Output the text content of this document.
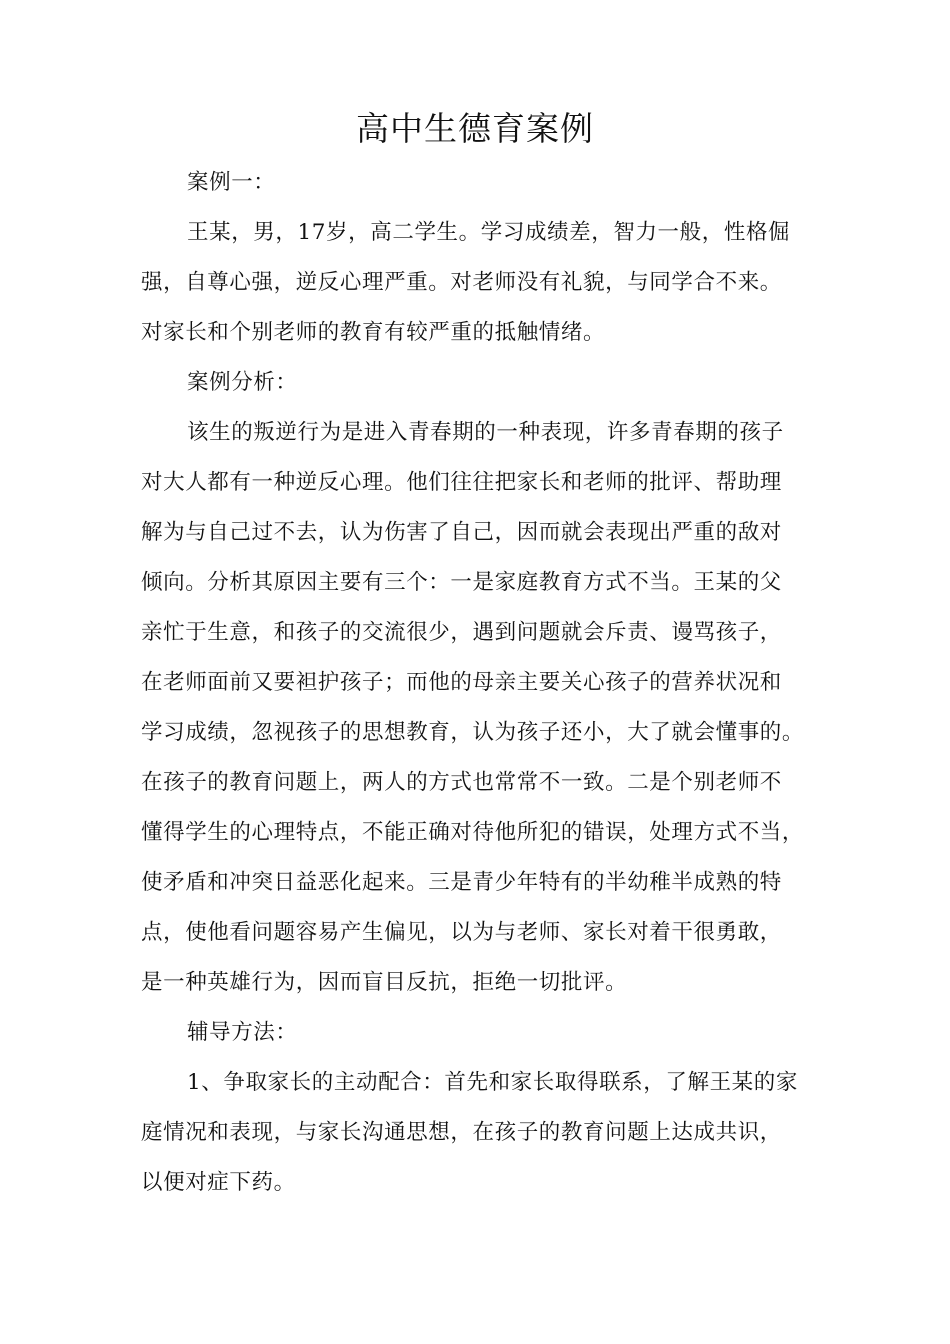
高中生德育案例
案例一：
王某，男，17岁，高二学生。学习成绩差，智力一般，性格倔
强，自尊心强，逆反心理严重。对老师没有礼貌，与同学合不来。
对家长和个别老师的教育有较严重的抵触情绪。
案例分析：
该生的叛逆行为是进入青春期的一种表现，许多青春期的孩子
对大人都有一种逆反心理。他们往往把家长和老师的批评、帮助理
解为与自己过不去，认为伤害了自己，因而就会表现出严重的敌对
倾向。分析其原因主要有三个：一是家庭教育方式不当。王某的父
亲忙于生意，和孩子的交流很少，遇到问题就会斥责、谩骂孩子，
在老师面前又要袒护孩子；而他的母亲主要关心孩子的营养状况和
学习成绩，忽视孩子的思想教育，认为孩子还小，大了就会懂事的。
在孩子的教育问题上，两人的方式也常常不一致。二是个别老师不
懂得学生的心理特点，不能正确对待他所犯的错误，处理方式不当，
使矛盾和冲突日益恶化起来。三是青少年特有的半幼稚半成熟的特
点，使他看问题容易产生偏见，以为与老师、家长对着干很勇敢，
是一种英雄行为，因而盲目反抗，拒绝一切批评。
辅导方法：
1、争取家长的主动配合：首先和家长取得联系，了解王某的家
庭情况和表现，与家长沟通思想，在孩子的教育问题上达成共识，
以便对症下药。
